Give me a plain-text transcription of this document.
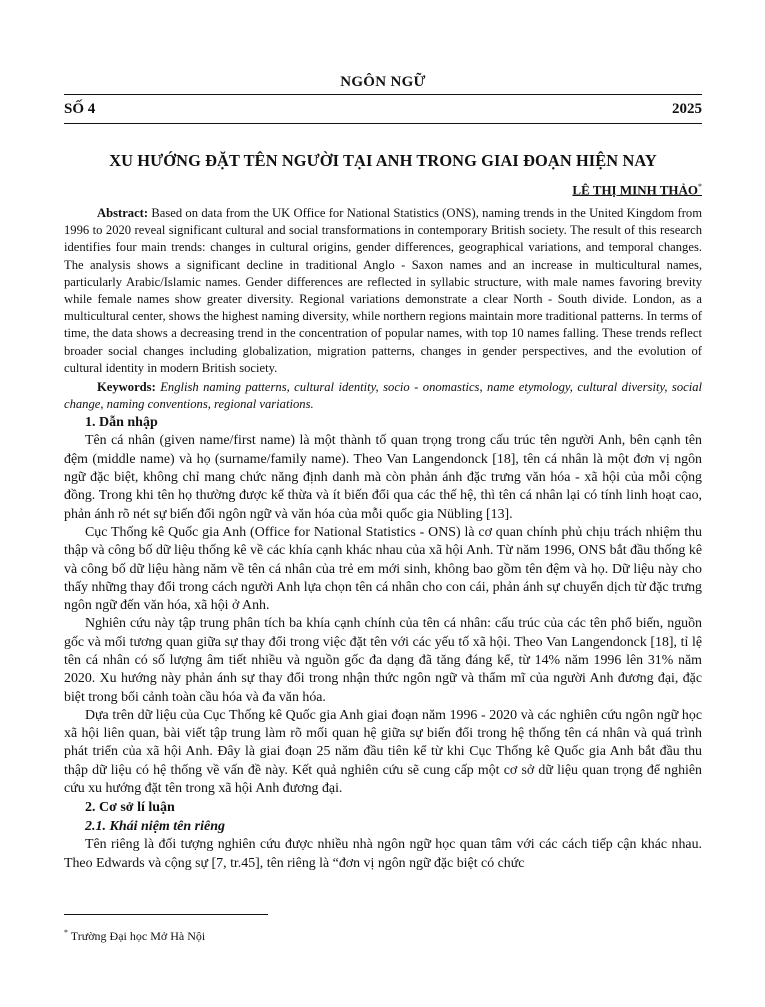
NGÔN NGỮ
SỐ 4	2025
XU HƯỚNG ĐẶT TÊN NGƯỜI TẠI ANH TRONG GIAI ĐOẠN HIỆN NAY
LÊ THỊ MINH THẢO*

Abstract: Based on data from the UK Office for National Statistics (ONS), naming trends in the United Kingdom from 1996 to 2020 reveal significant cultural and social transformations in contemporary British society. The result of this research identifies four main trends: changes in cultural origins, gender differences, geographical variations, and temporal changes. The analysis shows a significant decline in traditional Anglo - Saxon names and an increase in multicultural names, particularly Arabic/Islamic names. Gender differences are reflected in syllabic structure, with male names favoring brevity while female names show greater diversity. Regional variations demonstrate a clear North - South divide. London, as a multicultural center, shows the highest naming diversity, while northern regions maintain more traditional patterns. In terms of time, the data shows a decreasing trend in the concentration of popular names, with top 10 names falling. These trends reflect broader social changes including globalization, migration patterns, changes in gender perspectives, and the evolution of cultural identity in modern British society.

Keywords: English naming patterns, cultural identity, socio - onomastics, name etymology, cultural diversity, social change, naming conventions, regional variations.

1. Dẫn nhập

Tên cá nhân (given name/first name) là một thành tố quan trọng trong cấu trúc tên người Anh, bên cạnh tên đệm (middle name) và họ (surname/family name). Theo Van Langendonck [18], tên cá nhân là một đơn vị ngôn ngữ đặc biệt, không chỉ mang chức năng định danh mà còn phản ánh đặc trưng văn hóa - xã hội của mỗi cộng đồng. Trong khi tên họ thường được kế thừa và ít biến đổi qua các thế hệ, thì tên cá nhân lại có tính linh hoạt cao, phản ánh rõ nét sự biến đổi ngôn ngữ và văn hóa của mỗi quốc gia Nübling [13].

Cục Thống kê Quốc gia Anh (Office for National Statistics - ONS) là cơ quan chính phủ chịu trách nhiệm thu thập và công bố dữ liệu thống kê về các khía cạnh khác nhau của xã hội Anh. Từ năm 1996, ONS bắt đầu thống kê và công bố dữ liệu hàng năm về tên cá nhân của trẻ em mới sinh, không bao gồm tên đệm và họ. Dữ liệu này cho thấy những thay đổi trong cách người Anh lựa chọn tên cá nhân cho con cái, phản ánh sự chuyển dịch từ đặc trưng ngôn ngữ đến văn hóa, xã hội ở Anh.

Nghiên cứu này tập trung phân tích ba khía cạnh chính của tên cá nhân: cấu trúc của các tên phổ biến, nguồn gốc và mối tương quan giữa sự thay đổi trong việc đặt tên với các yếu tố xã hội. Theo Van Langendonck [18], tỉ lệ tên cá nhân có số lượng âm tiết nhiều và nguồn gốc đa dạng đã tăng đáng kể, từ 14% năm 1996 lên 31% năm 2020. Xu hướng này phản ánh sự thay đổi trong nhận thức ngôn ngữ và thẩm mĩ của người Anh đương đại, đặc biệt trong bối cảnh toàn cầu hóa và đa văn hóa.

Dựa trên dữ liệu của Cục Thống kê Quốc gia Anh giai đoạn năm 1996 - 2020 và các nghiên cứu ngôn ngữ học xã hội liên quan, bài viết tập trung làm rõ mối quan hệ giữa sự biến đổi trong hệ thống tên cá nhân và quá trình phát triển của xã hội Anh. Đây là giai đoạn 25 năm đầu tiên kể từ khi Cục Thống kê Quốc gia Anh bắt đầu thu thập dữ liệu có hệ thống về vấn đề này. Kết quả nghiên cứu sẽ cung cấp một cơ sở dữ liệu quan trọng để nghiên cứu xu hướng đặt tên trong xã hội Anh đương đại.

2. Cơ sở lí luận

2.1. Khái niệm tên riêng

Tên riêng là đối tượng nghiên cứu được nhiều nhà ngôn ngữ học quan tâm với các cách tiếp cận khác nhau. Theo Edwards và cộng sự [7, tr.45], tên riêng là “đơn vị ngôn ngữ đặc biệt có chức

* Trường Đại học Mở Hà Nội
